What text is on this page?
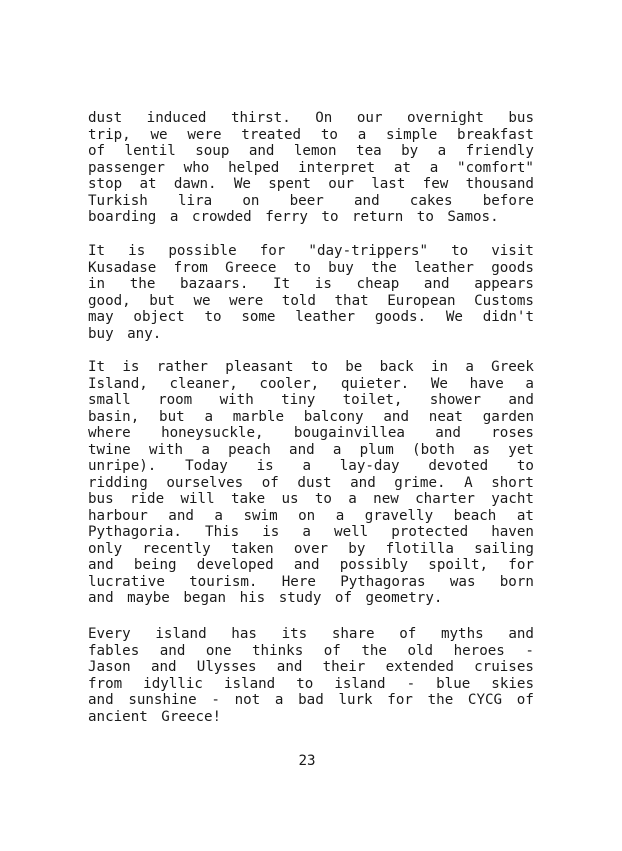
dust induced thirst. On our overnight bus
trip, we were treated to a simple breakfast
of lentil soup and lemon tea by a friendly
passenger who helped interpret at a "comfort"
stop at dawn. We spent our last few thousand
Turkish lira on beer and cakes before
boarding a crowded ferry to return to Samos.
It is possible for "day-trippers" to visit
Kusadase from Greece to buy the leather goods
in the bazaars. It is cheap and appears
good, but we were told that European Customs
may object to some leather goods. We didn't
buy any.
It is rather pleasant to be back in a Greek
Island, cleaner, cooler, quieter. We have a
small room with tiny toilet, shower and
basin, but a marble balcony and neat garden
where honeysuckle, bougainvillea and roses
twine with a peach and a plum (both as yet
unripe). Today is a lay-day devoted to
ridding ourselves of dust and grime. A short
bus ride will take us to a new charter yacht
harbour and a swim on a gravelly beach at
Pythagoria. This is a well protected haven
only recently taken over by flotilla sailing
and being developed and possibly spoilt, for
lucrative tourism. Here Pythagoras was born
and maybe began his study of geometry.
Every island has its share of myths and
fables and one thinks of the old heroes -
Jason and Ulysses and their extended cruises
from idyllic island to island - blue skies
and sunshine - not a bad lurk for the CYCG of
ancient Greece!
23
